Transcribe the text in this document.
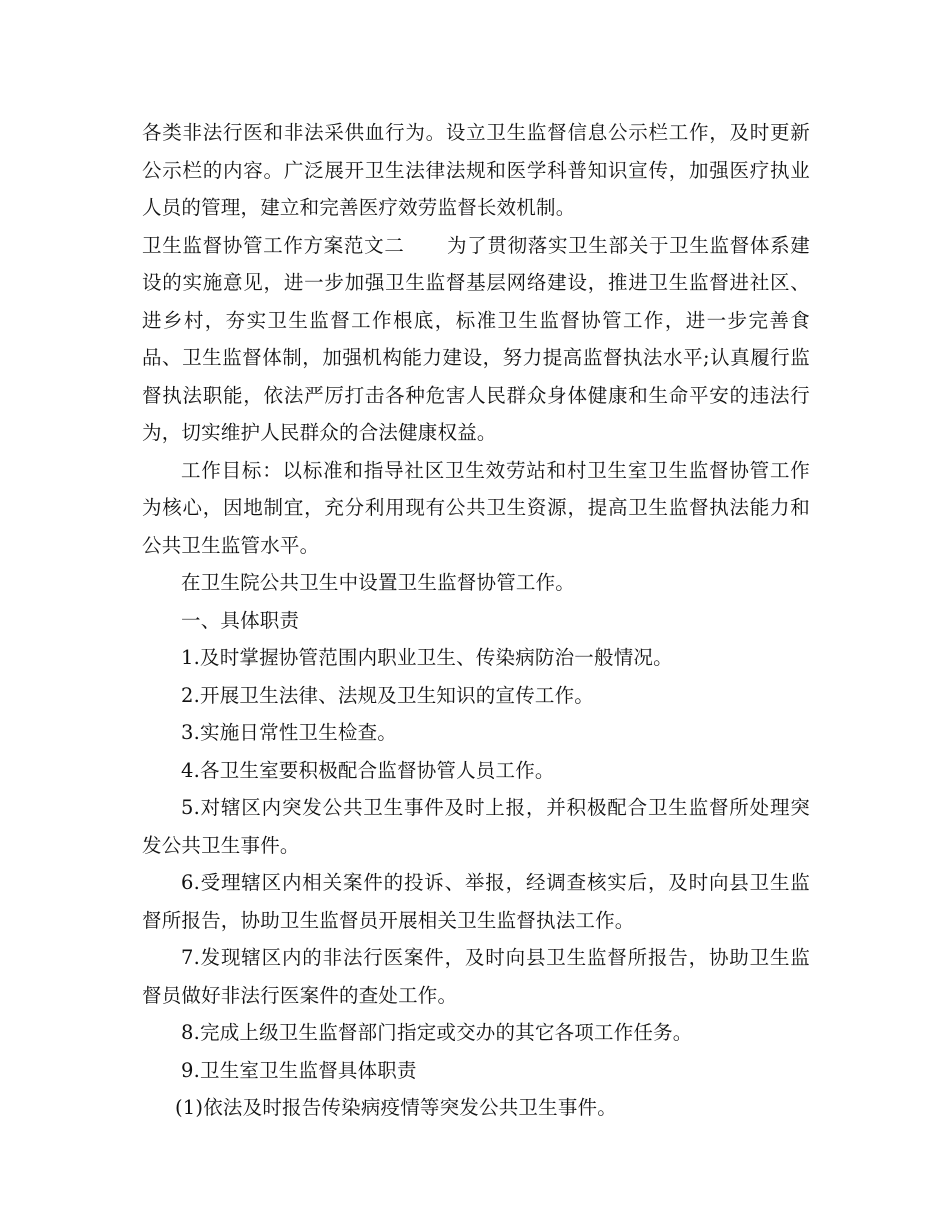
各类非法行医和非法采供血行为。设立卫生监督信息公示栏工作，及时更新公示栏的内容。广泛展开卫生法律法规和医学科普知识宣传，加强医疗执业人员的管理，建立和完善医疗效劳监督长效机制。

卫生监督协管工作方案范文二 为了贯彻落实卫生部关于卫生监督体系建设的实施意见，进一步加强卫生监督基层网络建设，推进卫生监督进社区、进乡村，夯实卫生监督工作根底，标准卫生监督协管工作，进一步完善食品、卫生监督体制，加强机构能力建设，努力提高监督执法水平;认真履行监督执法职能，依法严厉打击各种危害人民群众身体健康和生命平安的违法行为，切实维护人民群众的合法健康权益。

工作目标：以标准和指导社区卫生效劳站和村卫生室卫生监督协管工作为核心，因地制宜，充分利用现有公共卫生资源，提高卫生监督执法能力和公共卫生监管水平。

在卫生院公共卫生中设置卫生监督协管工作。

一、具体职责

1.及时掌握协管范围内职业卫生、传染病防治一般情况。

2.开展卫生法律、法规及卫生知识的宣传工作。

3.实施日常性卫生检查。

4.各卫生室要积极配合监督协管人员工作。

5.对辖区内突发公共卫生事件及时上报，并积极配合卫生监督所处理突发公共卫生事件。

6.受理辖区内相关案件的投诉、举报，经调查核实后，及时向县卫生监督所报告，协助卫生监督员开展相关卫生监督执法工作。

7.发现辖区内的非法行医案件，及时向县卫生监督所报告，协助卫生监督员做好非法行医案件的查处工作。

8.完成上级卫生监督部门指定或交办的其它各项工作任务。

9.卫生室卫生监督具体职责

(1)依法及时报告传染病疫情等突发公共卫生事件。
